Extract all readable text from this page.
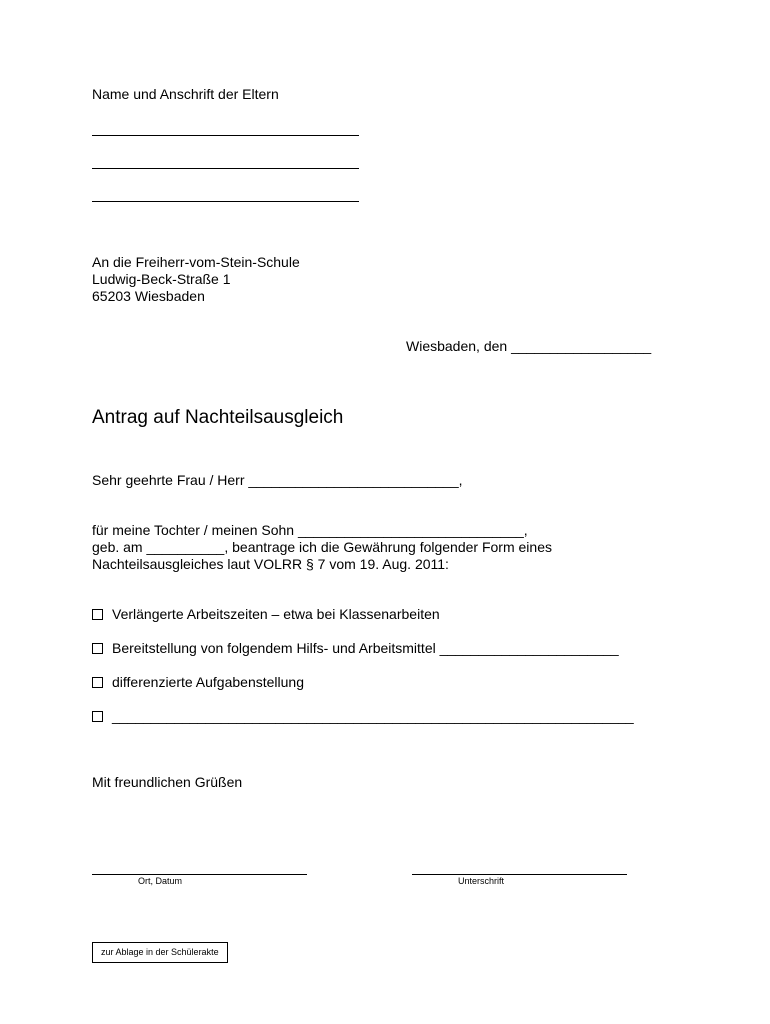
Name und Anschrift der Eltern
An die Freiherr-vom-Stein-Schule
Ludwig-Beck-Straße 1
65203 Wiesbaden
Wiesbaden, den __________________
Antrag auf Nachteilsausgleich
Sehr geehrte Frau / Herr ___________________________,
für meine Tochter / meinen Sohn _____________________________,
geb. am __________, beantrage ich die Gewährung folgender Form eines
Nachteilsausgleiches laut VOLRR § 7 vom 19. Aug. 2011:
Verlängerte Arbeitszeiten – etwa bei Klassenarbeiten
Bereitstellung von folgendem Hilfs- und Arbeitsmittel _______________________
differenzierte Aufgabenstellung
___________________________________________________________________
Mit freundlichen Grüßen
Ort, Datum	Unterschrift
zur Ablage in der Schülerakte
